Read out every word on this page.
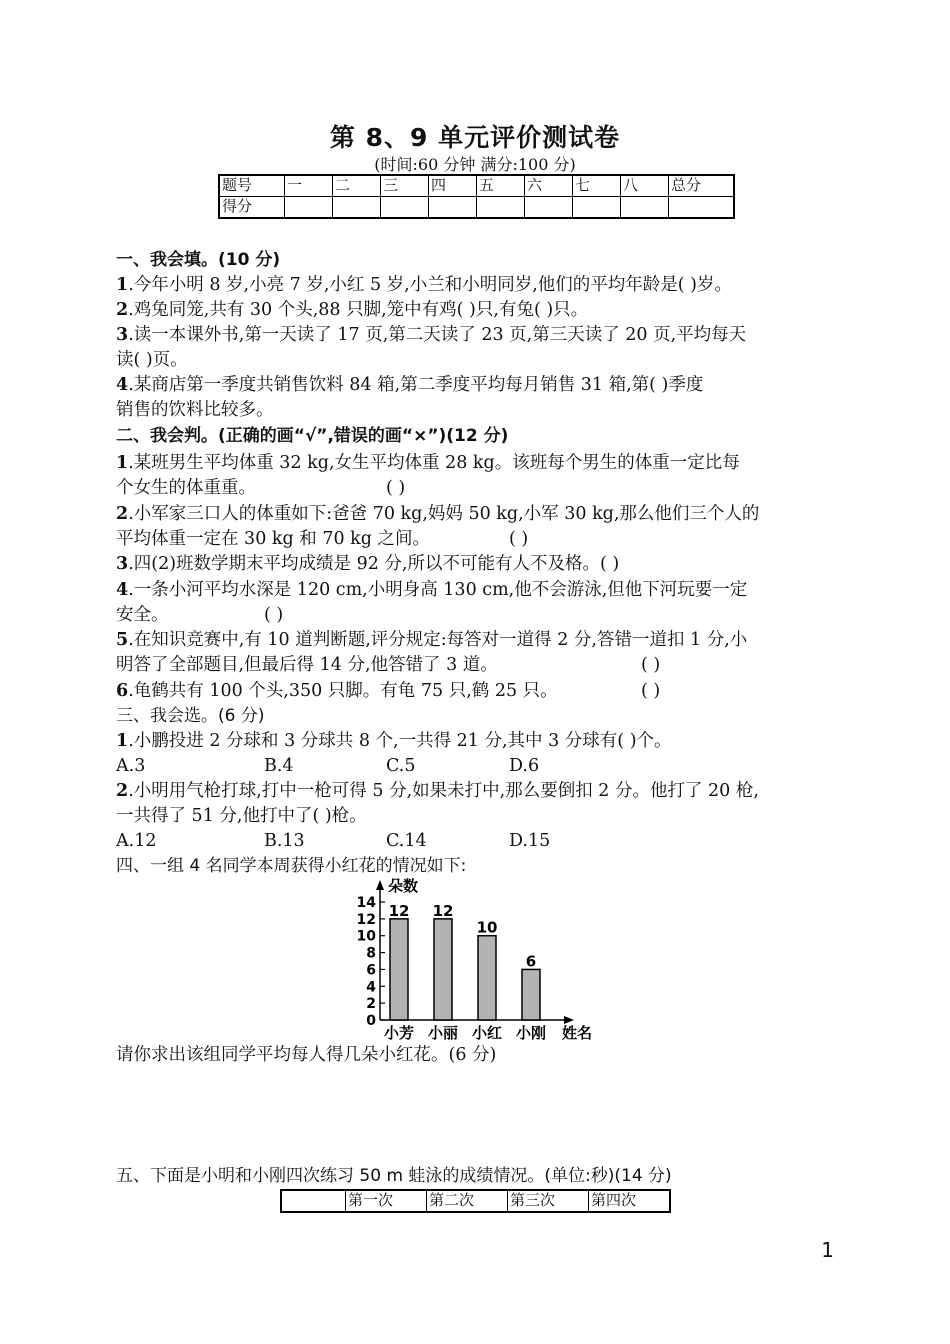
第 8、9 单元评价测试卷
(时间:60 分钟 满分:100 分)
题号	一	二	三	四	五	六	七	八	总分
得分									
一、我会填。(10 分)
1.今年小明 8 岁,小亮 7 岁,小红 5 岁,小兰和小明同岁,他们的平均年龄是( )岁。
2.鸡兔同笼,共有 30 个头,88 只脚,笼中有鸡( )只,有兔( )只。
3.读一本课外书,第一天读了 17 页,第二天读了 23 页,第三天读了 20 页,平均每天
读( )页。
4.某商店第一季度共销售饮料 84 箱,第二季度平均每月销售 31 箱,第( )季度
销售的饮料比较多。
二、我会判。(正确的画“√”,错误的画“×”)(12 分)
1.某班男生平均体重 32 kg,女生平均体重 28 kg。该班每个男生的体重一定比每
个女生的体重重。	( )
2.小军家三口人的体重如下:爸爸 70 kg,妈妈 50 kg,小军 30 kg,那么他们三个人的
平均体重一定在 30 kg 和 70 kg 之间。	( )
3.四(2)班数学期末平均成绩是 92 分,所以不可能有人不及格。( )
4.一条小河平均水深是 120 cm,小明身高 130 cm,他不会游泳,但他下河玩要一定
安全。	( )
5.在知识竞赛中,有 10 道判断题,评分规定:每答对一道得 2 分,答错一道扣 1 分,小
明答了全部题目,但最后得 14 分,他答错了 3 道。	( )
6.龟鹤共有 100 个头,350 只脚。有龟 75 只,鹤 25 只。	( )
三、我会选。(6 分)
1.小鹏投进 2 分球和 3 分球共 8 个,一共得 21 分,其中 3 分球有( )个。
A.3	B.4	C.5	D.6
2.小明用气枪打球,打中一枪可得 5 分,如果未打中,那么要倒扣 2 分。他打了 20 枪,
一共得了 51 分,他打中了( )枪。
A.12	B.13	C.14	D.15
四、一组 4 名同学本周获得小红花的情况如下:
朵数
姓名
0
2
4
6
8
10
12
14 12
小芳
12
小丽
10
小红
6
小刚
请你求出该组同学平均每人得几朵小红花。(6 分)
五、下面是小明和小刚四次练习 50 m 蛙泳的成绩情况。(单位:秒)(14 分)
	第一次	第二次	第三次	第四次
1
